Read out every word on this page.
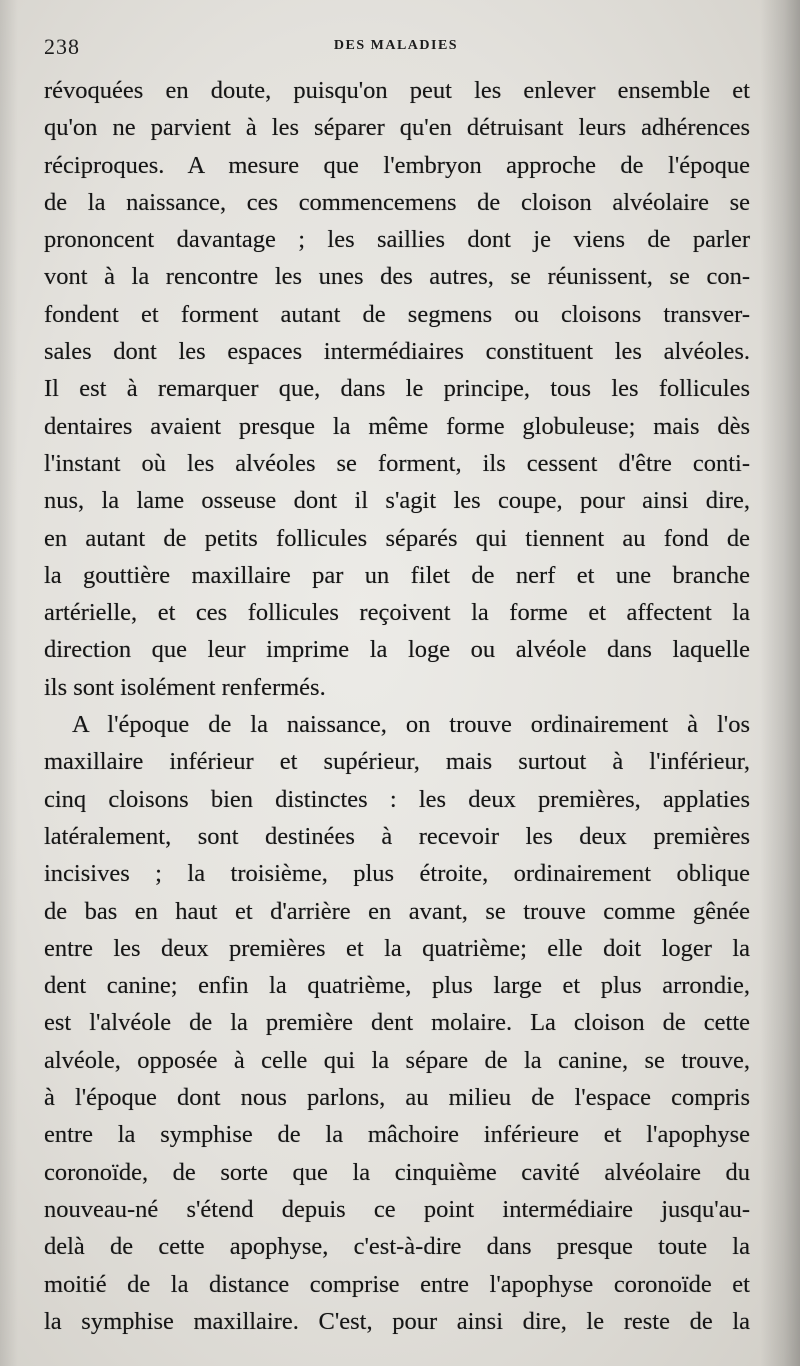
238	DES MALADIES
révoquées en doute, puisqu'on peut les enlever ensemble et
qu'on ne parvient à les séparer qu'en détruisant leurs adhérences
réciproques. A mesure que l'embryon approche de l'époque
de la naissance, ces commencemens de cloison alvéolaire se
prononcent davantage ; les saillies dont je viens de parler
vont à la rencontre les unes des autres, se réunissent, se con-
fondent et forment autant de segmens ou cloisons transver-
sales dont les espaces intermédiaires constituent les alvéoles.
Il est à remarquer que, dans le principe, tous les follicules
dentaires avaient presque la même forme globuleuse; mais dès
l'instant où les alvéoles se forment, ils cessent d'être conti-
nus, la lame osseuse dont il s'agit les coupe, pour ainsi dire,
en autant de petits follicules séparés qui tiennent au fond de
la gouttière maxillaire par un filet de nerf et une branche
artérielle, et ces follicules reçoivent la forme et affectent la
direction que leur imprime la loge ou alvéole dans laquelle
ils sont isolément renfermés.
A l'époque de la naissance, on trouve ordinairement à l'os
maxillaire inférieur et supérieur, mais surtout à l'inférieur,
cinq cloisons bien distinctes : les deux premières, applaties
latéralement, sont destinées à recevoir les deux premières
incisives ; la troisième, plus étroite, ordinairement oblique
de bas en haut et d'arrière en avant, se trouve comme gênée
entre les deux premières et la quatrième; elle doit loger la
dent canine; enfin la quatrième, plus large et plus arrondie,
est l'alvéole de la première dent molaire. La cloison de cette
alvéole, opposée à celle qui la sépare de la canine, se trouve,
à l'époque dont nous parlons, au milieu de l'espace compris
entre la symphise de la mâchoire inférieure et l'apophyse
coronoïde, de sorte que la cinquième cavité alvéolaire du
nouveau-né s'étend depuis ce point intermédiaire jusqu'au-
delà de cette apophyse, c'est-à-dire dans presque toute la
moitié de la distance comprise entre l'apophyse coronoïde et
la symphise maxillaire. C'est, pour ainsi dire, le reste de la
